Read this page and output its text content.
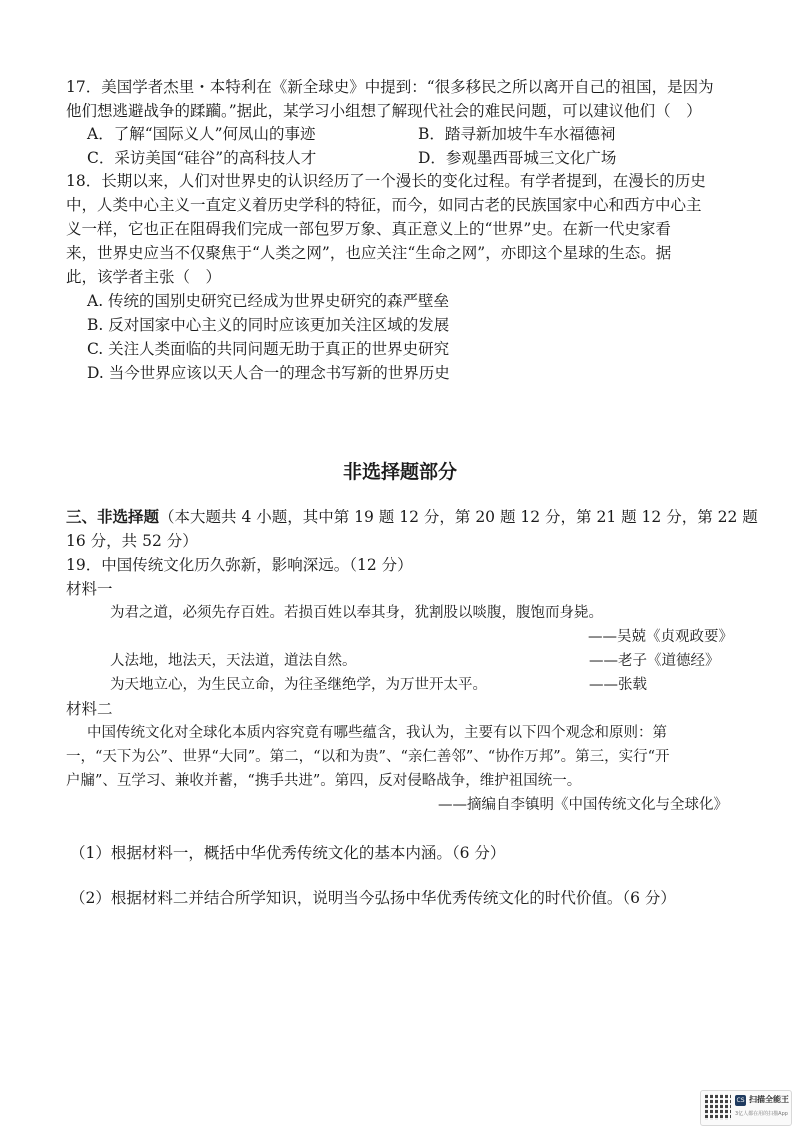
17．美国学者杰里・本特利在《新全球史》中提到：“很多移民之所以离开自己的祖国，是因为
他们想逃避战争的蹂躏。”据此，某学习小组想了解现代社会的难民问题，可以建议他们（　）
A．了解“国际义人”何凤山的事迹	B．踏寻新加坡牛车水福德祠
C．采访美国“硅谷”的高科技人才	D．参观墨西哥城三文化广场
18．长期以来，人们对世界史的认识经历了一个漫长的变化过程。有学者提到，在漫长的历史
中，人类中心主义一直定义着历史学科的特征，而今，如同古老的民族国家中心和西方中心主
义一样，它也正在阻碍我们完成一部包罗万象、真正意义上的“世界”史。在新一代史家看
来，世界史应当不仅聚焦于“人类之网”，也应关注“生命之网”，亦即这个星球的生态。据
此，该学者主张（　）
A. 传统的国别史研究已经成为世界史研究的森严壁垒
B. 反对国家中心主义的同时应该更加关注区域的发展
C. 关注人类面临的共同问题无助于真正的世界史研究
D. 当今世界应该以天人合一的理念书写新的世界历史
非选择题部分
三、非选择题（本大题共 4 小题，其中第 19 题 12 分，第 20 题 12 分，第 21 题 12 分，第 22 题
16 分，共 52 分）
19．中国传统文化历久弥新，影响深远。（12 分）
材料一
为君之道，必须先存百姓。若损百姓以奉其身，犹割股以啖腹，腹饱而身毙。
——吴兢《贞观政要》
人法地，地法天，天法道，道法自然。	——老子《道德经》
为天地立心，为生民立命，为往圣继绝学，为万世开太平。	——张载
材料二
中国传统文化对全球化本质内容究竟有哪些蕴含，我认为，主要有以下四个观念和原则：第
一，“天下为公”、世界“大同”。第二，“以和为贵”、“亲仁善邻”、“协作万邦”。第三，实行“开
户牖”、互学习、兼收并蓄，“携手共进”。第四，反对侵略战争，维护祖国统一。
——摘编自李镇明《中国传统文化与全球化》
（1）根据材料一，概括中华优秀传统文化的基本内涵。（6 分）
（2）根据材料二并结合所学知识，说明当今弘扬中华优秀传统文化的时代价值。（6 分）
CS 扫描全能王
3亿人都在用的扫描App
